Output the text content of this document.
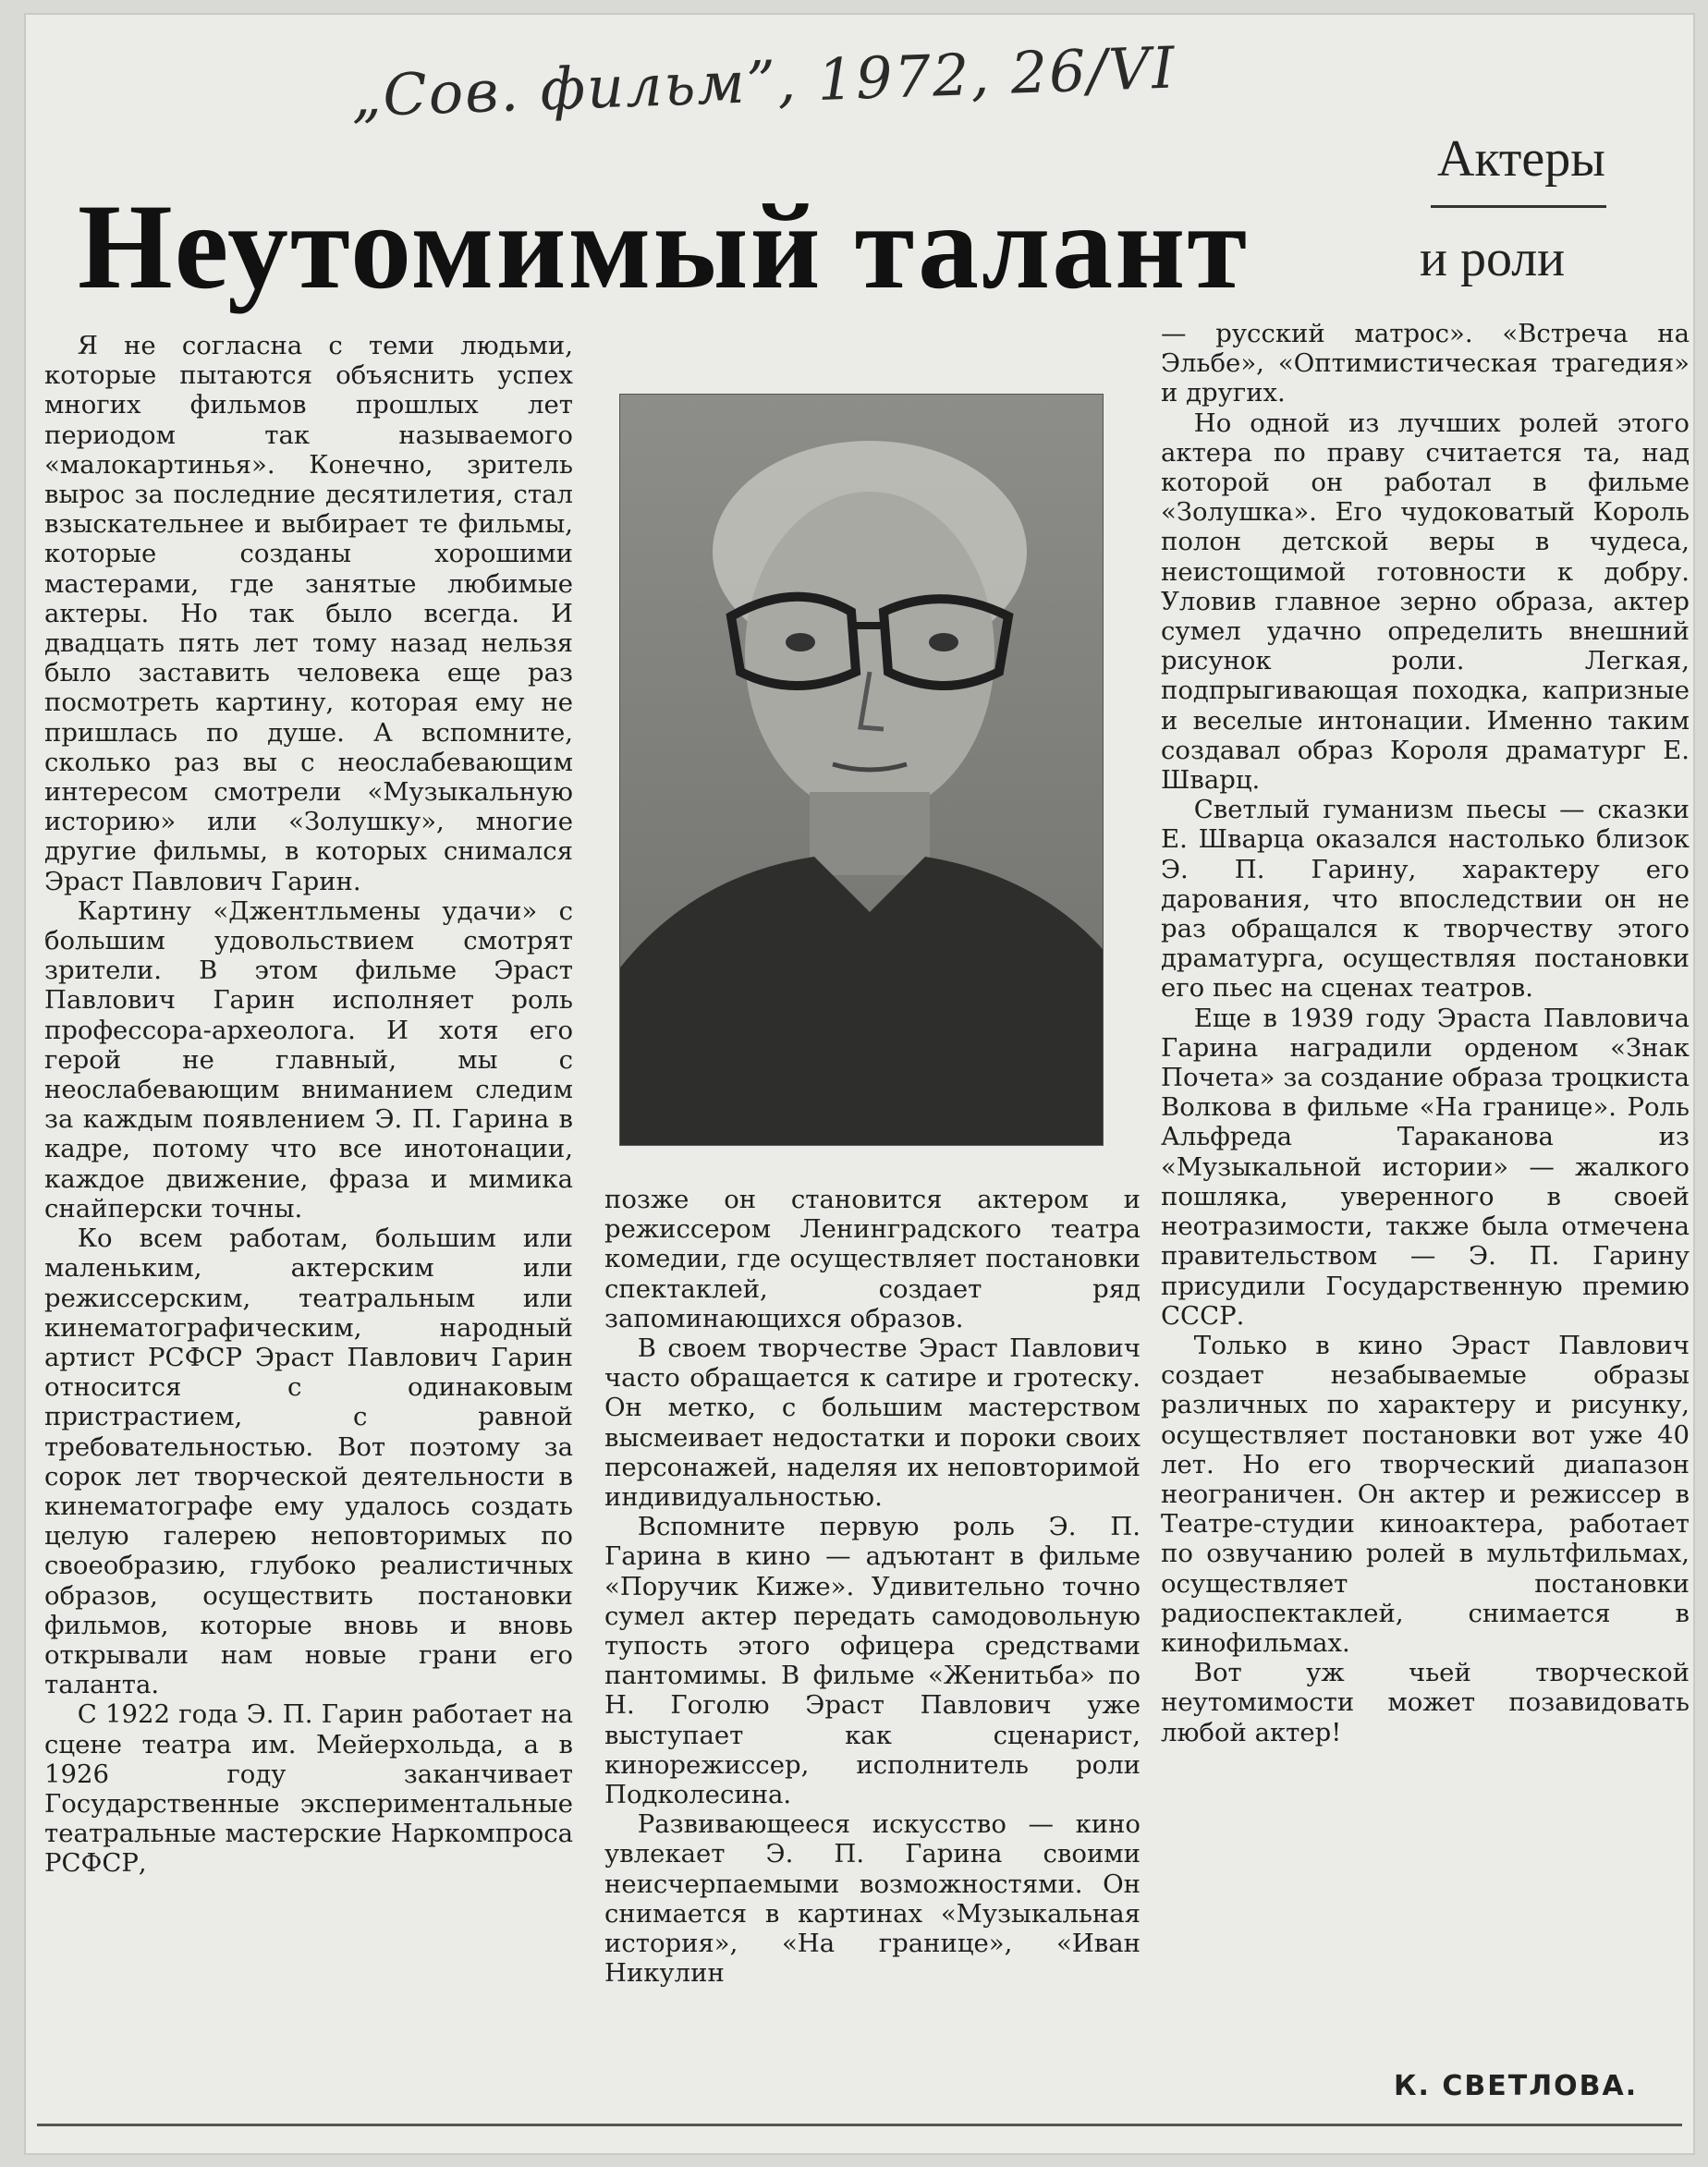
„Сов. фильм”, 1972, 26/VI
Неутомимый талант
Актеры
и роли

Я не согласна с теми людьми, которые пытаются объяснить успех многих фильмов прошлых лет периодом так называемого «малокартинья». Конечно, зритель вырос за последние десятилетия, стал взыскательнее и выбирает те фильмы, которые созданы хорошими мастерами, где занятые любимые актеры. Но так было всегда. И двадцать пять лет тому назад нельзя было заставить человека еще раз посмотреть картину, которая ему не пришлась по душе. А вспомните, сколько раз вы с неослабевающим интересом смотрели «Музыкальную историю» или «Золушку», многие другие фильмы, в которых снимался Эраст Павлович Гарин.

Картину «Джентльмены удачи» с большим удовольствием смотрят зрители. В этом фильме Эраст Павлович Гарин исполняет роль профессора-археолога. И хотя его герой не главный, мы с неослабевающим вниманием следим за каждым появлением Э. П. Гарина в кадре, потому что все инотонации, каждое движение, фраза и мимика снайперски точны.

Ко всем работам, большим или маленьким, актерским или режиссерским, театральным или кинематографическим, народный артист РСФСР Эраст Павлович Гарин относится с одинаковым пристрастием, с равной требовательностью. Вот поэтому за сорок лет творческой деятельности в кинематографе ему удалось создать целую галерею неповторимых по своеобразию, глубоко реалистичных образов, осуществить постановки фильмов, которые вновь и вновь открывали нам новые грани его таланта.

С 1922 года Э. П. Гарин работает на сцене театра им. Мейерхольда, а в 1926 году заканчивает Государственные экспериментальные театральные мастерские Наркомпроса РСФСР,

позже он становится актером и режиссером Ленинградского театра комедии, где осуществляет постановки спектаклей, создает ряд запоминающихся образов.

В своем творчестве Эраст Павлович часто обращается к сатире и гротеску. Он метко, с большим мастерством высмеивает недостатки и пороки своих персонажей, наделяя их неповторимой индивидуальностью.

Вспомните первую роль Э. П. Гарина в кино — адъютант в фильме «Поручик Киже». Удивительно точно сумел актер передать самодовольную тупость этого офицера средствами пантомимы. В фильме «Женитьба» по Н. Гоголю Эраст Павлович уже выступает как сценарист, кинорежиссер, исполнитель роли Подколесина.

Развивающееся искусство — кино увлекает Э. П. Гарина своими неисчерпаемыми возможностями. Он снимается в картинах «Музыкальная история», «На границе», «Иван Никулин

— русский матрос». «Встреча на Эльбе», «Оптимистическая трагедия» и других.

Но одной из лучших ролей этого актера по праву считается та, над которой он работал в фильме «Золушка». Его чудоковатый Король полон детской веры в чудеса, неистощимой готовности к добру. Уловив главное зерно образа, актер сумел удачно определить внешний рисунок роли. Легкая, подпрыгивающая походка, капризные и веселые интонации. Именно таким создавал образ Короля драматург Е. Шварц.

Светлый гуманизм пьесы — сказки Е. Шварца оказался настолько близок Э. П. Гарину, характеру его дарования, что впоследствии он не раз обращался к творчеству этого драматурга, осуществляя постановки его пьес на сценах театров.

Еще в 1939 году Эраста Павловича Гарина наградили орденом «Знак Почета» за создание образа троцкиста Волкова в фильме «На границе». Роль Альфреда Тараканова из «Музыкальной истории» — жалкого пошляка, уверенного в своей неотразимости, также была отмечена правительством — Э. П. Гарину присудили Государственную премию СССР.

Только в кино Эраст Павлович создает незабываемые образы различных по характеру и рисунку, осуществляет постановки вот уже 40 лет. Но его творческий диапазон неограничен. Он актер и режиссер в Театре-студии киноактера, работает по озвучанию ролей в мультфильмах, осуществляет постановки радиоспектаклей, снимается в кинофильмах.

Вот уж чьей творческой неутомимости может позавидовать любой актер!

К. СВЕТЛОВА.
